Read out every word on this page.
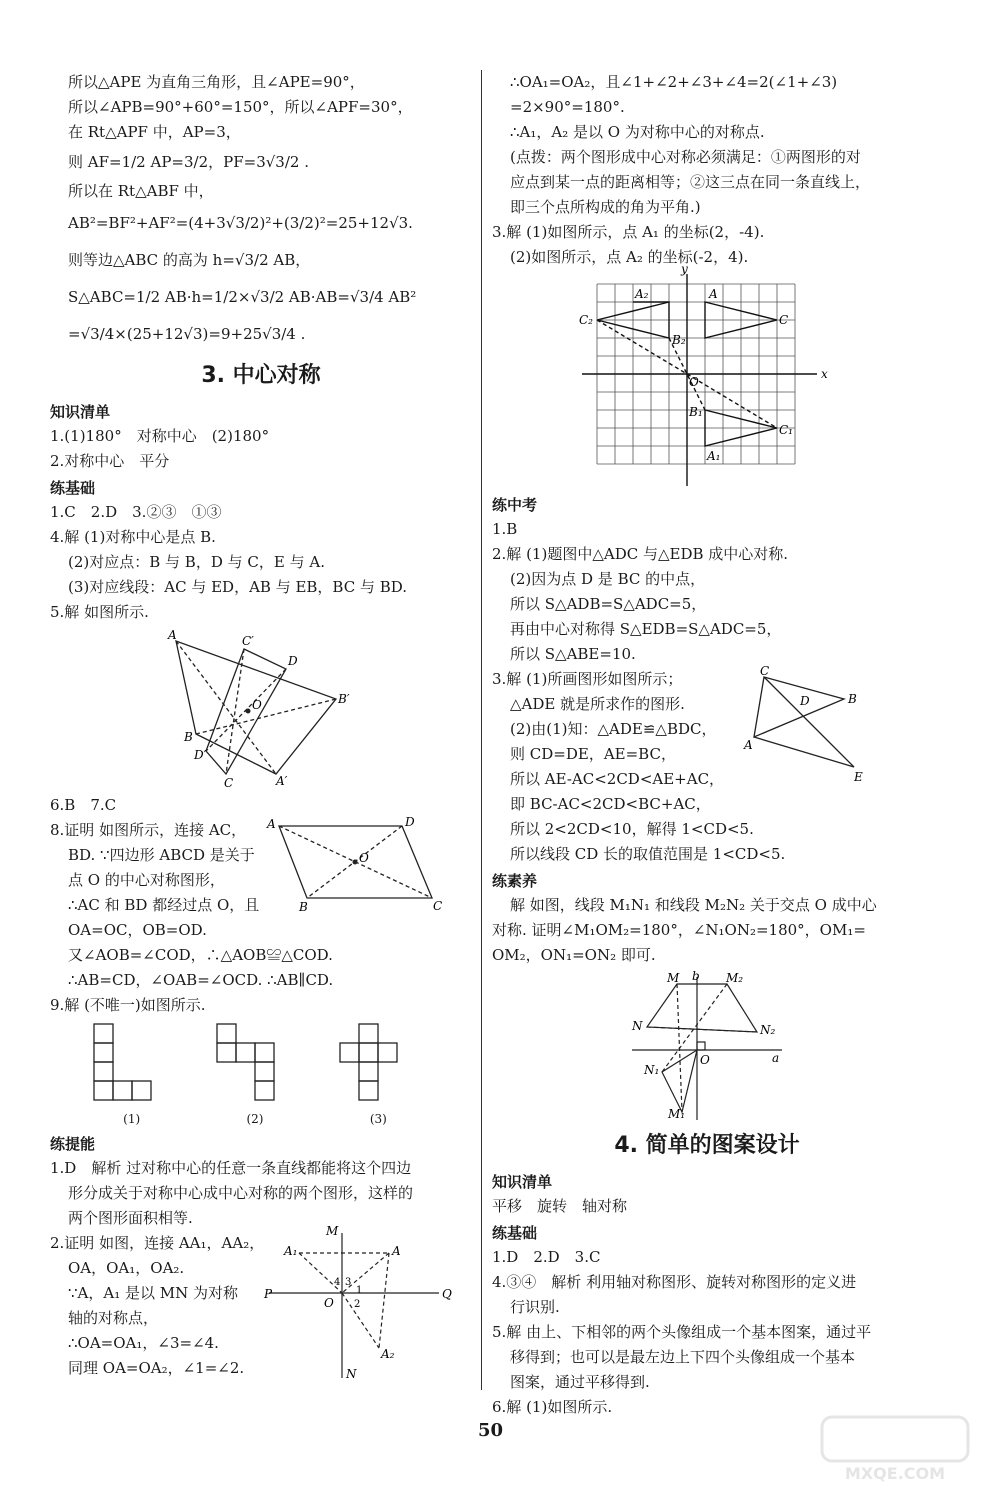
所以△APE 为直角三角形，且∠APE=90°，
所以∠APB=90°+60°=150°，所以∠APF=30°，
在 Rt△APF 中，AP=3，
则 AF=1/2 AP=3/2，PF=3√3/2 .
所以在 Rt△ABF 中，
AB²=BF²+AF²=(4+3√3/2)²+(3/2)²=25+12√3.
则等边△ABC 的高为 h=√3/2 AB，
S△ABC=1/2 AB·h=1/2×√3/2 AB·AB=√3/4 AB²
=√3/4×(25+12√3)=9+25√3/4 .
3. 中心对称
知识清单
1.(1)180°　对称中心　(2)180°
2.对称中心　平分
练基础
1.C　2.D　3.②③　①③
4.解 (1)对称中心是点 B.
(2)对应点：B 与 B，D 与 C，E 与 A.
(3)对应线段：AC 与 ED，AB 与 EB，BC 与 BD.
5.解 如图所示.
A	C′
D
B′
B
D′
C	A′
O
6.B　7.C
8.证明 如图所示，连接 AC，
BD. ∵四边形 ABCD 是关于
点 O 的中心对称图形，
∴AC 和 BD 都经过点 O，且
OA=OC，OB=OD.
A	D
B	C
O
又∠AOB=∠COD，∴△AOB≌△COD.
∴AB=CD，∠OAB=∠OCD. ∴AB∥CD.
9.解 (不唯一)如图所示.
(1)	(2)	(3)
练提能
1.D　解析 过对称中心的任意一条直线都能将这个四边
形分成关于对称中心成中心对称的两个图形，这样的
两个图形面积相等.
2.证明 如图，连接 AA₁，AA₂，
OA，OA₁，OA₂.
∵A，A₁ 是以 MN 为对称
轴的对称点，
∴OA=OA₁，∠3=∠4.
同理 OA=OA₂，∠1=∠2.
M
A₁	A
P	Q
O
A₂
N
4 3
1
2
∴OA₁=OA₂，且∠1+∠2+∠3+∠4=2(∠1+∠3)
=2×90°=180°.
∴A₁，A₂ 是以 O 为对称中心的对称点.
(点拨：两个图形成中心对称必须满足：①两图形的对
应点到某一点的距离相等；②这三点在同一条直线上，
即三个点所构成的角为平角.)
3.解 (1)如图所示，点 A₁ 的坐标(2，-4).
(2)如图所示，点 A₂ 的坐标(-2，4).
y
x
O
A
C
A₂
C₂
B₂
B₁
C₁
A₁
练中考
1.B
2.解 (1)题图中△ADC 与△EDB 成中心对称.
(2)因为点 D 是 BC 的中点，
所以 S△ADB=S△ADC=5，
再由中心对称得 S△EDB=S△ADC=5，
所以 S△ABE=10.
3.解 (1)所画图形如图所示；
△ADE 就是所求作的图形.
(2)由(1)知：△ADE≌△BDC，
则 CD=DE，AE=BC，
所以 AE-AC<2CD<AE+AC，
C
B
D
A
E
即 BC-AC<2CD<BC+AC，
所以 2<2CD<10，解得 1<CD<5.
所以线段 CD 长的取值范围是 1<CD<5.
练素养
解 如图，线段 M₁N₁ 和线段 M₂N₂ 关于交点 O 成中心
对称. 证明∠M₁OM₂=180°，∠N₁ON₂=180°，OM₁=
OM₂，ON₁=ON₂ 即可.
M b M₂
N	N₂
a
O
N₁
M₁
4. 简单的图案设计
知识清单
平移　旋转　轴对称
练基础
1.D　2.D　3.C
4.③④　解析 利用轴对称图形、旋转对称图形的定义进
行识别.
5.解 由上、下相邻的两个头像组成一个基本图案，通过平
移得到；也可以是最左边上下四个头像组成一个基本
图案，通过平移得到.
6.解 (1)如图所示.
50
MXQE.COM
